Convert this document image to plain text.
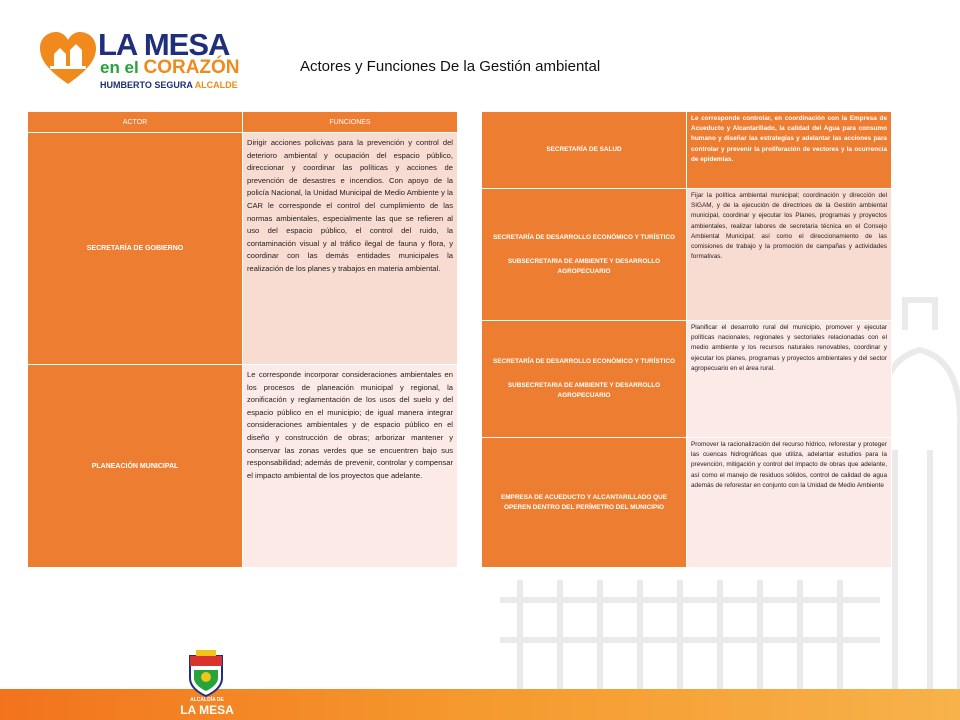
LA MESA
en el CORAZÓN
HUMBERTO SEGURA ALCALDE
Actores y Funciones De la Gestión ambiental
ACTOR	FUNCIONES
SECRETARÍA DE GOBIERNO	Dirigir acciones policivas para la prevención y control del deterioro ambiental y ocupación del espacio público, direccionar y coordinar las políticas y acciones de prevención de desastres e incendios. Con apoyo de la policía Nacional, la Unidad Municipal de Medio Ambiente y la CAR le corresponde el control del cumplimiento de las normas ambientales, especialmente las que se refieren al uso del espacio público, el control del ruido, la contaminación visual y al tráfico ilegal de fauna y flora, y coordinar con las demás entidades municipales la realización de los planes y trabajos en materia ambiental.
PLANEACIÓN MUNICIPAL	Le corresponde incorporar consideraciones ambientales en los procesos de planeación municipal y regional, la zonificación y reglamentación de los usos del suelo y del espacio público en el municipio; de igual manera integrar consideraciones ambientales y de espacio público en el diseño y construcción de obras; arborizar mantener y conservar las zonas verdes que se encuentren bajo sus responsabilidad; además de prevenir, controlar y compensar el impacto ambiental de los proyectos que adelante.
SECRETARÍA DE SALUD	Le corresponde controlar, en coordinación con la Empresa de Acueducto y Alcantarillado, la calidad del Agua para consumo humano y diseñar las estrategias y adelantar las acciones para controlar y prevenir la proliferación de vectores y la ocurrencia de epidemias.
SECRETARÍA DE DESARROLLO ECONÓMICO Y TURÍSTICO
SUBSECRETARIA DE AMBIENTE Y DESARROLLO AGROPECUARIO	Fijar la política ambiental municipal; coordinación y dirección del SIGAM, y de la ejecución de directrices de la Gestión ambiental municipal, coordinar y ejecutar los Planes, programas y proyectos ambientales, realizar labores de secretaria técnica en el Consejo Ambiental Municipal; así como el direccionamiento de las comisiones de trabajo y la promoción de campañas y actividades formativas.
SECRETARÍA DE DESARROLLO ECONÓMICO Y TURÍSTICO
SUBSECRETARIA DE AMBIENTE Y DESARROLLO AGROPECUARIO	Planificar el desarrollo rural del municipio, promover y ejecutar políticas nacionales, regionales y sectoriales relacionadas con el medio ambiente y los recursos naturales renovables, coordinar y ejecutar los planes, programas y proyectos ambientales y del sector agropecuario en el área rural.
EMPRESA DE ACUEDUCTO Y ALCANTARILLADO QUE OPEREN DENTRO DEL PERÍMETRO DEL MUNICIPIO	Promover la racionalización del recurso hídrico, reforestar y proteger las cuencas hidrográficas que utiliza, adelantar estudios para la prevención, mitigación y control del impacto de obras que adelante, así como el manejo de residuos sólidos, control de calidad de agua además de reforestar en conjunto con la Unidad de Medio Ambiente
ALCALDÍA DE
LA MESA
